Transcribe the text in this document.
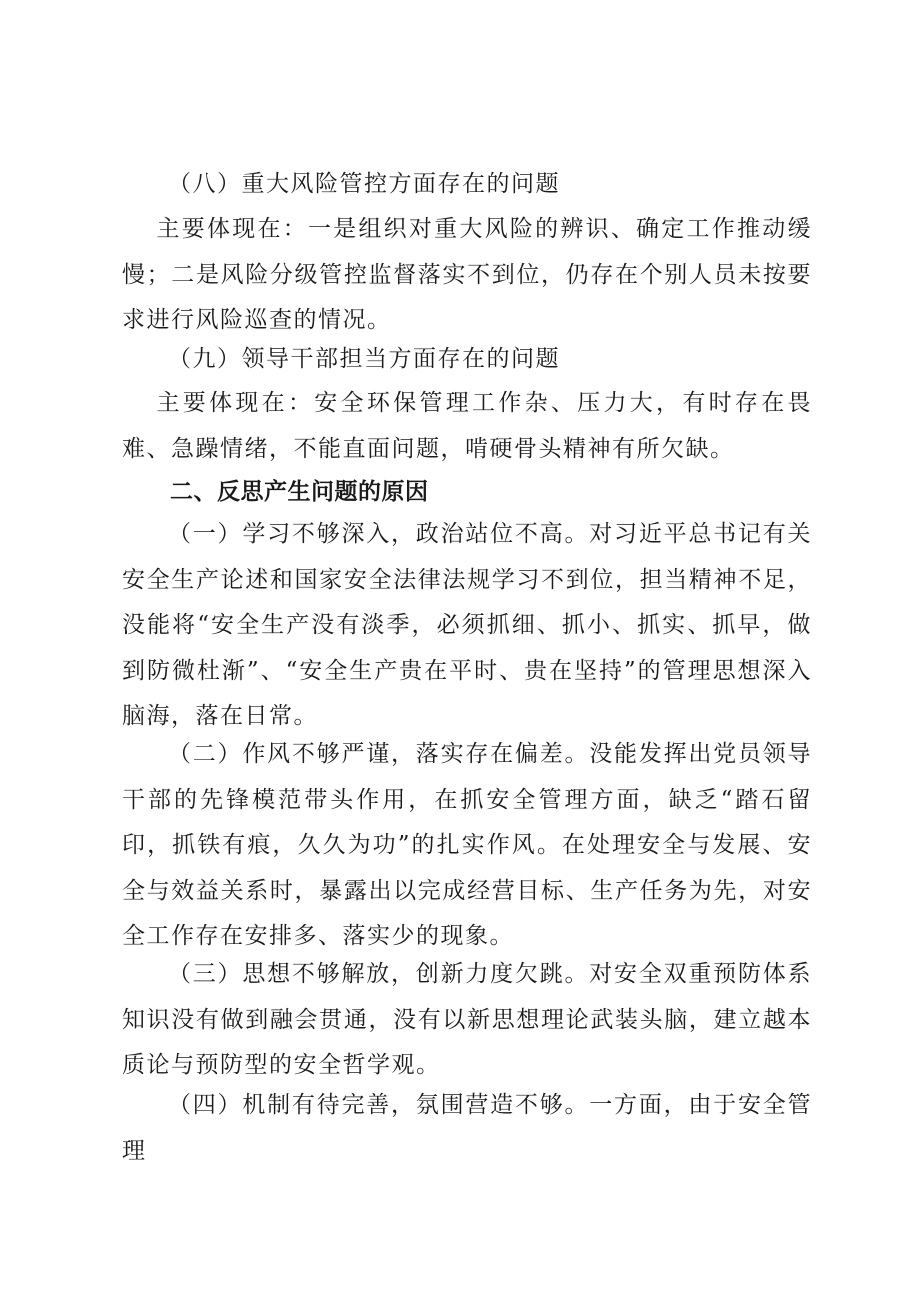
（八）重大风险管控方面存在的问题

主要体现在：一是组织对重大风险的辨识、确定工作推动缓慢；二是风险分级管控监督落实不到位，仍存在个别人员未按要求进行风险巡查的情况。

（九）领导干部担当方面存在的问题

主要体现在：安全环保管理工作杂、压力大，有时存在畏难、急躁情绪，不能直面问题，啃硬骨头精神有所欠缺。

二、反思产生问题的原因

（一）学习不够深入，政治站位不高。对习近平总书记有关安全生产论述和国家安全法律法规学习不到位，担当精神不足，没能将“安全生产没有淡季，必须抓细、抓小、抓实、抓早，做到防微杜渐”、“安全生产贵在平时、贵在坚持”的管理思想深入脑海，落在日常。

（二）作风不够严谨，落实存在偏差。没能发挥出党员领导干部的先锋模范带头作用，在抓安全管理方面，缺乏“踏石留印，抓铁有痕，久久为功”的扎实作风。在处理安全与发展、安全与效益关系时，暴露出以完成经营目标、生产任务为先，对安全工作存在安排多、落实少的现象。

（三）思想不够解放，创新力度欠跳。对安全双重预防体系知识没有做到融会贯通，没有以新思想理论武装头脑，建立越本质论与预防型的安全哲学观。

（四）机制有待完善，氛围营造不够。一方面，由于安全管理
